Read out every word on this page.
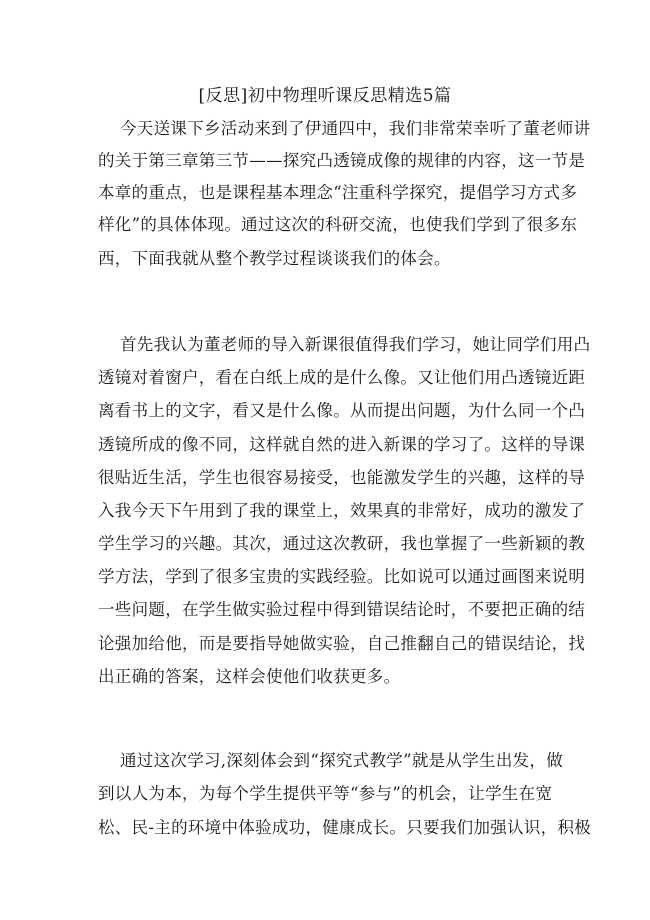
[反思]初中物理听课反思精选5篇

今天送课下乡活动来到了伊通四中，我们非常荣幸听了董老师讲

的关于第三章第三节——探究凸透镜成像的规律的内容，这一节是

本章的重点，也是课程基本理念“注重科学探究，提倡学习方式多

样化”的具体体现。通过这次的科研交流，也使我们学到了很多东

西，下面我就从整个教学过程谈谈我们的体会。

首先我认为董老师的导入新课很值得我们学习，她让同学们用凸

透镜对着窗户，看在白纸上成的是什么像。又让他们用凸透镜近距

离看书上的文字，看又是什么像。从而提出问题，为什么同一个凸

透镜所成的像不同，这样就自然的进入新课的学习了。这样的导课

很贴近生活，学生也很容易接受，也能激发学生的兴趣，这样的导

入我今天下午用到了我的课堂上，效果真的非常好，成功的激发了

学生学习的兴趣。其次，通过这次教研，我也掌握了一些新颖的教

学方法，学到了很多宝贵的实践经验。比如说可以通过画图来说明

一些问题，在学生做实验过程中得到错误结论时，不要把正确的结

论强加给他，而是要指导她做实验，自己推翻自己的错误结论，找

出正确的答案，这样会使他们收获更多。

通过这次学习,深刻体会到“探究式教学”就是从学生出发，做

到以人为本，为每个学生提供平等“参与”的机会，让学生在宽

松、民-主的环境中体验成功，健康成长。只要我们加强认识，积极
